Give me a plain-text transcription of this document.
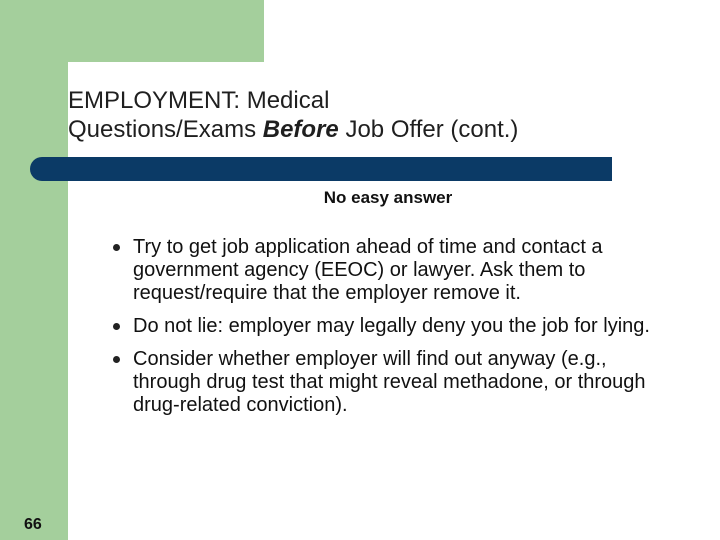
EMPLOYMENT: Medical
Questions/Exams Before Job Offer (cont.)
No easy answer
Try to get job application ahead of time and contact a government agency (EEOC) or lawyer. Ask them to request/require that the employer remove it.
Do not lie: employer may legally deny you the job for lying.
Consider whether employer will find out anyway (e.g., through drug test that might reveal methadone, or through drug-related conviction).
66
